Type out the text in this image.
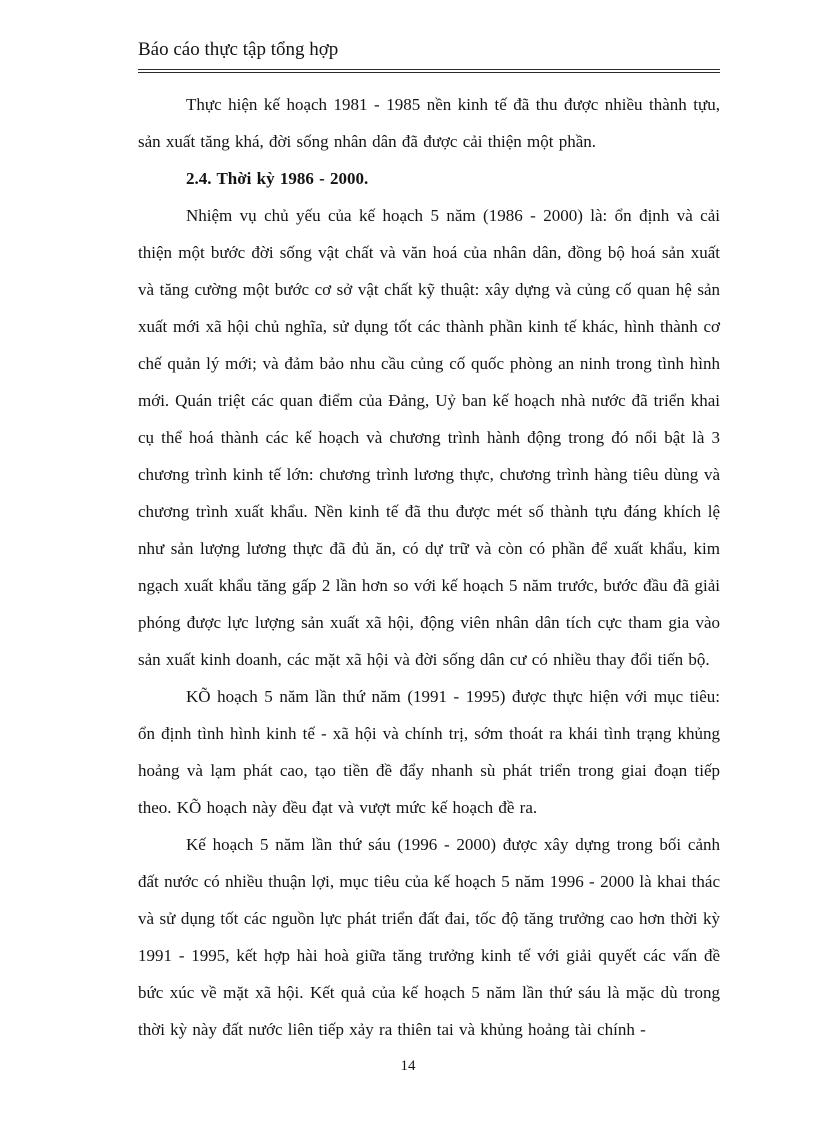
Báo cáo thực tập tổng hợp

Thực hiện kế hoạch 1981 - 1985 nền kinh tế đã thu được nhiều thành tựu, sản xuất tăng khá, đời sống nhân dân đã được cải thiện một phần.

2.4. Thời kỳ 1986 - 2000.

Nhiệm vụ chủ yếu của kế hoạch 5 năm (1986 - 2000) là: ổn định và cải thiện một bước đời sống vật chất và văn hoá của nhân dân, đồng bộ hoá sản xuất và tăng cường một bước cơ sở vật chất kỹ thuật: xây dựng và củng cố quan hệ sản xuất mới xã hội chủ nghĩa, sử dụng tốt các thành phần kinh tế khác, hình thành cơ chế quản lý mới; và đảm bảo nhu cầu củng cố quốc phòng an ninh trong tình hình mới. Quán triệt các quan điểm của Đảng, Uỷ ban kế hoạch nhà nước đã triển khai cụ thể hoá thành các kế hoạch và chương trình hành động trong đó nổi bật là 3 chương trình kinh tế lớn: chương trình lương thực, chương trình hàng tiêu dùng và chương trình xuất khẩu. Nền kinh tế đã thu được mét số thành tựu đáng khích lệ như sản lượng lương thực đã đủ ăn, có dự trữ và còn có phần để xuất khẩu, kim ngạch xuất khẩu tăng gấp 2 lần hơn so với kế hoạch 5 năm trước, bước đầu đã giải phóng được lực lượng sản xuất xã hội, động viên nhân dân tích cực tham gia vào sản xuất kinh doanh, các mặt xã hội và đời sống dân cư có nhiều thay đổi tiến bộ.

KÕ hoạch 5 năm lần thứ năm (1991 - 1995) được thực hiện với mục tiêu: ổn định tình hình kinh tế - xã hội và chính trị, sớm thoát ra khái tình trạng khủng hoảng và lạm phát cao, tạo tiền đề đẩy nhanh sù phát triển trong giai đoạn tiếp theo. KÕ hoạch này đều đạt và vượt mức kế hoạch đề ra.

Kế hoạch 5 năm lần thứ sáu (1996 - 2000) được xây dựng trong bối cảnh đất nước có nhiều thuận lợi, mục tiêu của kế hoạch 5 năm 1996 - 2000 là khai thác và sử dụng tốt các nguồn lực phát triển đất đai, tốc độ tăng trưởng cao hơn thời kỳ 1991 - 1995, kết hợp hài hoà giữa tăng trưởng kinh tế với giải quyết các vấn đề bức xúc về mặt xã hội. Kết quả của kế hoạch 5 năm lần thứ sáu là mặc dù trong thời kỳ này đất nước liên tiếp xảy ra thiên tai và khủng hoảng tài chính -

14
